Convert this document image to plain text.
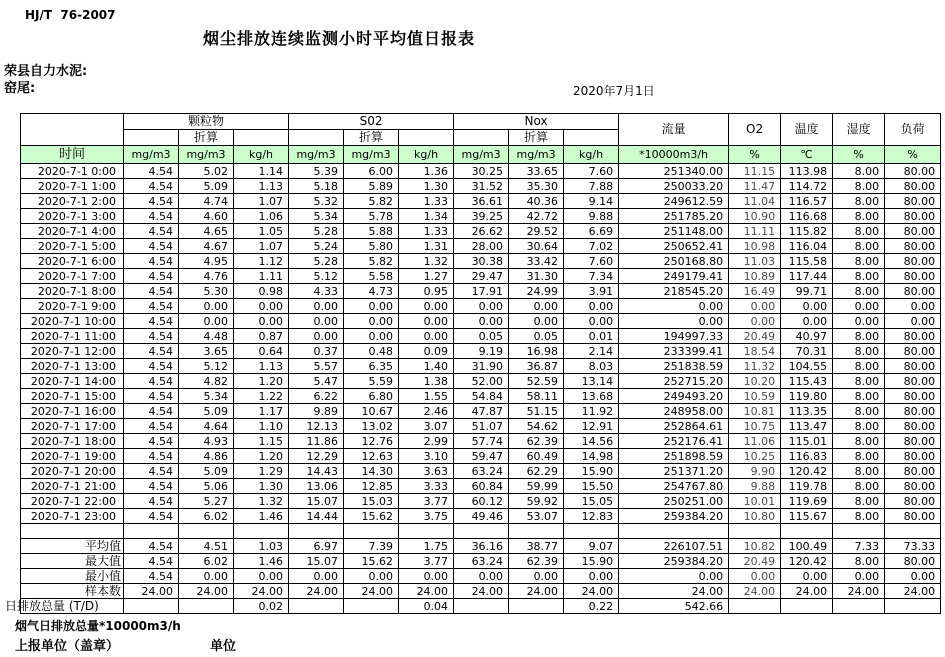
HJ/T  76-2007
烟尘排放连续监测小时平均值日报表
荣县自力水泥:
窑尾:	2020年7月1日
	颗粒物			S02			Nox			流量	O2	温度	湿度	负荷
		折算			折算			折算						
时间	mg/m3	mg/m3	kg/h	mg/m3	mg/m3	kg/h	mg/m3	mg/m3	kg/h	*10000m3/h	%	℃	%	%
2020-7-1 0:00	4.54	5.02	1.14	5.39	6.00	1.36	30.25	33.65	7.60	251340.00	11.15	113.98	8.00	80.00
2020-7-1 1:00	4.54	5.09	1.13	5.18	5.89	1.30	31.52	35.30	7.88	250033.20	11.47	114.72	8.00	80.00
2020-7-1 2:00	4.54	4.74	1.07	5.32	5.82	1.33	36.61	40.36	9.14	249612.59	11.04	116.57	8.00	80.00
2020-7-1 3:00	4.54	4.60	1.06	5.34	5.78	1.34	39.25	42.72	9.88	251785.20	10.90	116.68	8.00	80.00
2020-7-1 4:00	4.54	4.65	1.05	5.28	5.88	1.33	26.62	29.52	6.69	251148.00	11.11	115.82	8.00	80.00
2020-7-1 5:00	4.54	4.67	1.07	5.24	5.80	1.31	28.00	30.64	7.02	250652.41	10.98	116.04	8.00	80.00
2020-7-1 6:00	4.54	4.95	1.12	5.28	5.82	1.32	30.38	33.42	7.60	250168.80	11.03	115.58	8.00	80.00
2020-7-1 7:00	4.54	4.76	1.11	5.12	5.58	1.27	29.47	31.30	7.34	249179.41	10.89	117.44	8.00	80.00
2020-7-1 8:00	4.54	5.30	0.98	4.33	4.73	0.95	17.91	24.99	3.91	218545.20	16.49	99.71	8.00	80.00
2020-7-1 9:00	4.54	0.00	0.00	0.00	0.00	0.00	0.00	0.00	0.00	0.00	0.00	0.00	0.00	0.00
2020-7-1 10:00	4.54	0.00	0.00	0.00	0.00	0.00	0.00	0.00	0.00	0.00	0.00	0.00	0.00	0.00
2020-7-1 11:00	4.54	4.48	0.87	0.00	0.00	0.00	0.05	0.05	0.01	194997.33	20.49	40.97	8.00	80.00
2020-7-1 12:00	4.54	3.65	0.64	0.37	0.48	0.09	9.19	16.98	2.14	233399.41	18.54	70.31	8.00	80.00
2020-7-1 13:00	4.54	5.12	1.13	5.57	6.35	1.40	31.90	36.87	8.03	251838.59	11.32	104.55	8.00	80.00
2020-7-1 14:00	4.54	4.82	1.20	5.47	5.59	1.38	52.00	52.59	13.14	252715.20	10.20	115.43	8.00	80.00
2020-7-1 15:00	4.54	5.34	1.22	6.22	6.80	1.55	54.84	58.11	13.68	249493.20	10.59	119.80	8.00	80.00
2020-7-1 16:00	4.54	5.09	1.17	9.89	10.67	2.46	47.87	51.15	11.92	248958.00	10.81	113.35	8.00	80.00
2020-7-1 17:00	4.54	4.64	1.10	12.13	13.02	3.07	51.07	54.62	12.91	252864.61	10.75	113.47	8.00	80.00
2020-7-1 18:00	4.54	4.93	1.15	11.86	12.76	2.99	57.74	62.39	14.56	252176.41	11.06	115.01	8.00	80.00
2020-7-1 19:00	4.54	4.86	1.20	12.29	12.63	3.10	59.47	60.49	14.98	251898.59	10.25	116.83	8.00	80.00
2020-7-1 20:00	4.54	5.09	1.29	14.43	14.30	3.63	63.24	62.29	15.90	251371.20	9.90	120.42	8.00	80.00
2020-7-1 21:00	4.54	5.06	1.30	13.06	12.85	3.33	60.84	59.99	15.50	254767.80	9.88	119.78	8.00	80.00
2020-7-1 22:00	4.54	5.27	1.32	15.07	15.03	3.77	60.12	59.92	15.05	250251.00	10.01	119.69	8.00	80.00
2020-7-1 23:00	4.54	6.02	1.46	14.44	15.62	3.75	49.46	53.07	12.83	259384.20	10.80	115.67	8.00	80.00

平均值	4.54	4.51	1.03	6.97	7.39	1.75	36.16	38.77	9.07	226107.51	10.82	100.49	7.33	73.33
最大值	4.54	6.02	1.46	15.07	15.62	3.77	63.24	62.39	15.90	259384.20	20.49	120.42	8.00	80.00
最小值	4.54	0.00	0.00	0.00	0.00	0.00	0.00	0.00	0.00	0.00	0.00	0.00	0.00	0.00
样本数	24.00	24.00	24.00	24.00	24.00	24.00	24.00	24.00	24.00	24.00	24.00	24.00	24.00	24.00
日排放总量 (T/D)			0.02			0.04			0.22	542.66				
烟气日排放总量*10000m3/h
上报单位（盖章）	单位
